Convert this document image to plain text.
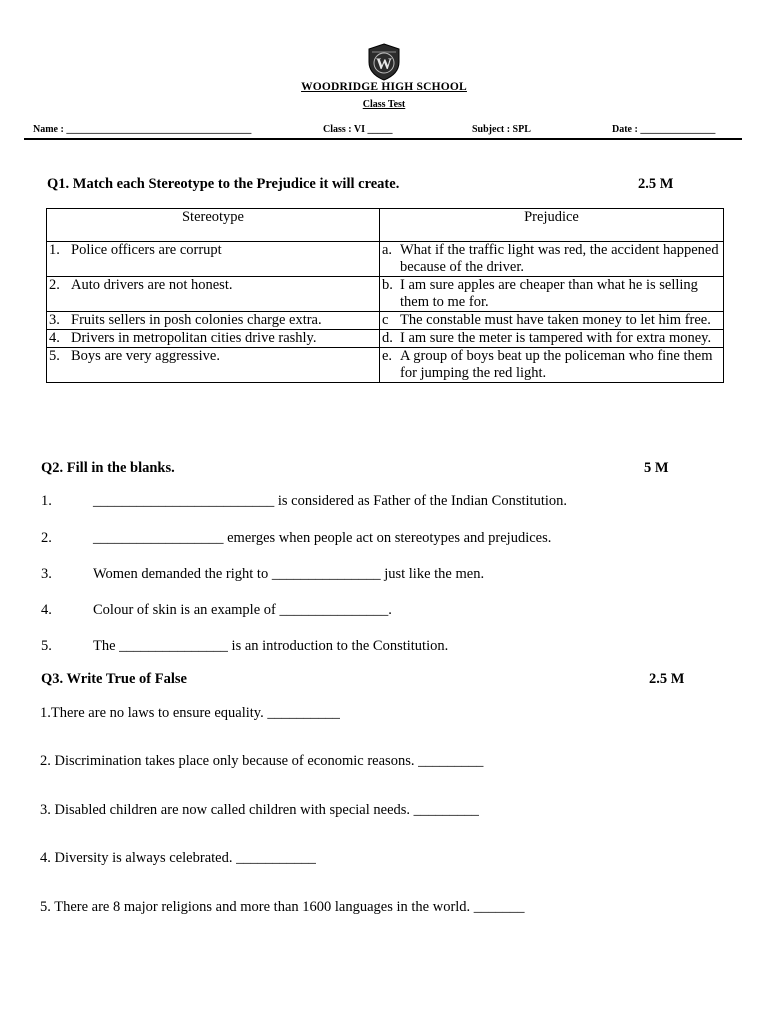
W
WOODRIDGE HIGH SCHOOL
Class Test
Name : _____________________________________	Class : VI _____	Subject : SPL	Date : _______________
Q1. Match each Stereotype to the Prejudice it will create.	2.5 M
Stereotype	Prejudice

1. Police officers are corrupt	a. What if the traffic light was red, the accident happened because of the driver.

2. Auto drivers are not honest.	b. I am sure apples are cheaper than what he is selling them to me for.

3. Fruits sellers in posh colonies charge extra.	c The constable must have taken money to let him free.

4. Drivers in metropolitan cities drive rashly.	d. I am sure the meter is tampered with for extra money.

5. Boys are very aggressive.	e. A group of boys beat up the policeman who fine them for jumping the red light.
Q2. Fill in the blanks.	5 M
1.	_________________________ is considered as Father of the Indian Constitution.
2.	__________________ emerges when people act on stereotypes and prejudices.
3.	Women demanded the right to _______________ just like the men.
4.	Colour of skin is an example of _______________.
5.	The _______________ is an introduction to the Constitution.
Q3. Write True of False	2.5 M
1.There are no laws to ensure equality. __________
2. Discrimination takes place only because of economic reasons. _________
3. Disabled children are now called children with special needs. _________
4. Diversity is always celebrated. ___________
5. There are 8 major religions and more than 1600 languages in the world. _______
